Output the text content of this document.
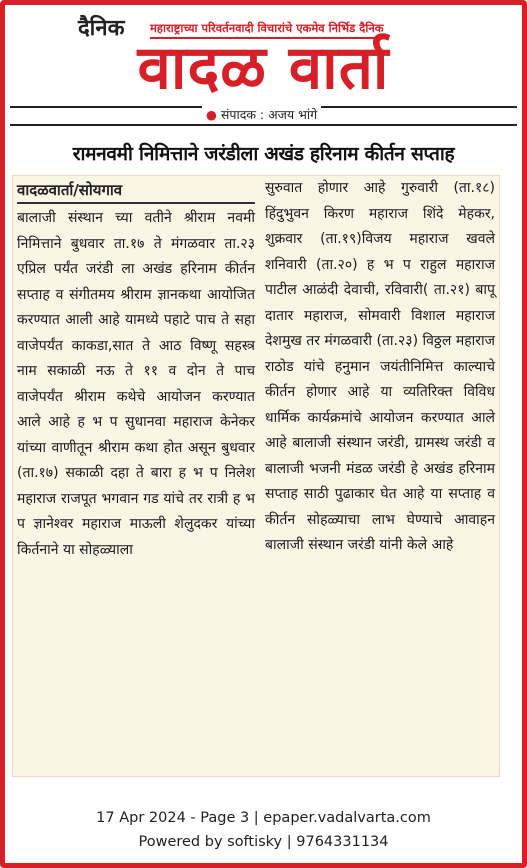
दैनिक महाराष्ट्राच्या परिवर्तनवादी विचारांचे एकमेव निर्भिड दैनिक
वादळ वार्ता
● संपादक : अजय भांगे
रामनवमी निमित्ताने जरंडीला अखंड हरिनाम कीर्तन सप्ताह
वादळवार्ता/सोयगाव

बालाजी संस्थान च्या वतीने श्रीराम नवमी निमित्ताने बुधवार ता.१७ ते मंगळवार ता.२३ एप्रिल पर्यंत जरंडी ला अखंड हरिनाम कीर्तन सप्ताह व संगीतमय श्रीराम ज्ञानकथा आयोजित करण्यात आली आहे यामध्ये पहाटे पाच ते सहा वाजेपर्यंत काकडा,सात ते आठ विष्णू सहस्त्र नाम सकाळी नऊ ते ११ व दोन ते पाच वाजेपर्यंत श्रीराम कथेचे आयोजन करण्यात आले आहे ह भ प सुधानवा महाराज केनेकर यांच्या वाणीतून श्रीराम कथा होत असून बुधवार (ता.१७) सकाळी दहा ते बारा ह भ प निलेश महाराज राजपूत भगवान गड यांचे तर रात्री ह भ प ज्ञानेश्वर महाराज माऊली शेलुदकर यांच्या किर्तनाने या सोहळ्याला

सुरुवात होणार आहे गुरुवारी (ता.१८) हिंदुभुवन किरण महाराज शिंदे मेहकर, शुक्रवार (ता.१९)विजय महाराज खवले शनिवारी (ता.२०) ह भ प राहुल महाराज पाटील आळंदी देवाची, रविवारी( ता.२१) बापू दातार महाराज, सोमवारी विशाल महाराज देशमुख तर मंगळवारी (ता.२३) विठ्ठल महाराज राठोड यांचे हनुमान जयंतीनिमित्त काल्याचे कीर्तन होणार आहे या व्यतिरिक्त विविध धार्मिक कार्यक्रमांचे आयोजन करण्यात आले आहे बालाजी संस्थान जरंडी, ग्रामस्थ जरंडी व बालाजी भजनी मंडळ जरंडी हे अखंड हरिनाम सप्ताह साठी पुढाकार घेत आहे या सप्ताह व कीर्तन सोहळ्याचा लाभ घेण्याचे आवाहन बालाजी संस्थान जरंडी यांनी केले आहे

17 Apr 2024 - Page 3 | epaper.vadalvarta.com
Powered by softisky | 9764331134
